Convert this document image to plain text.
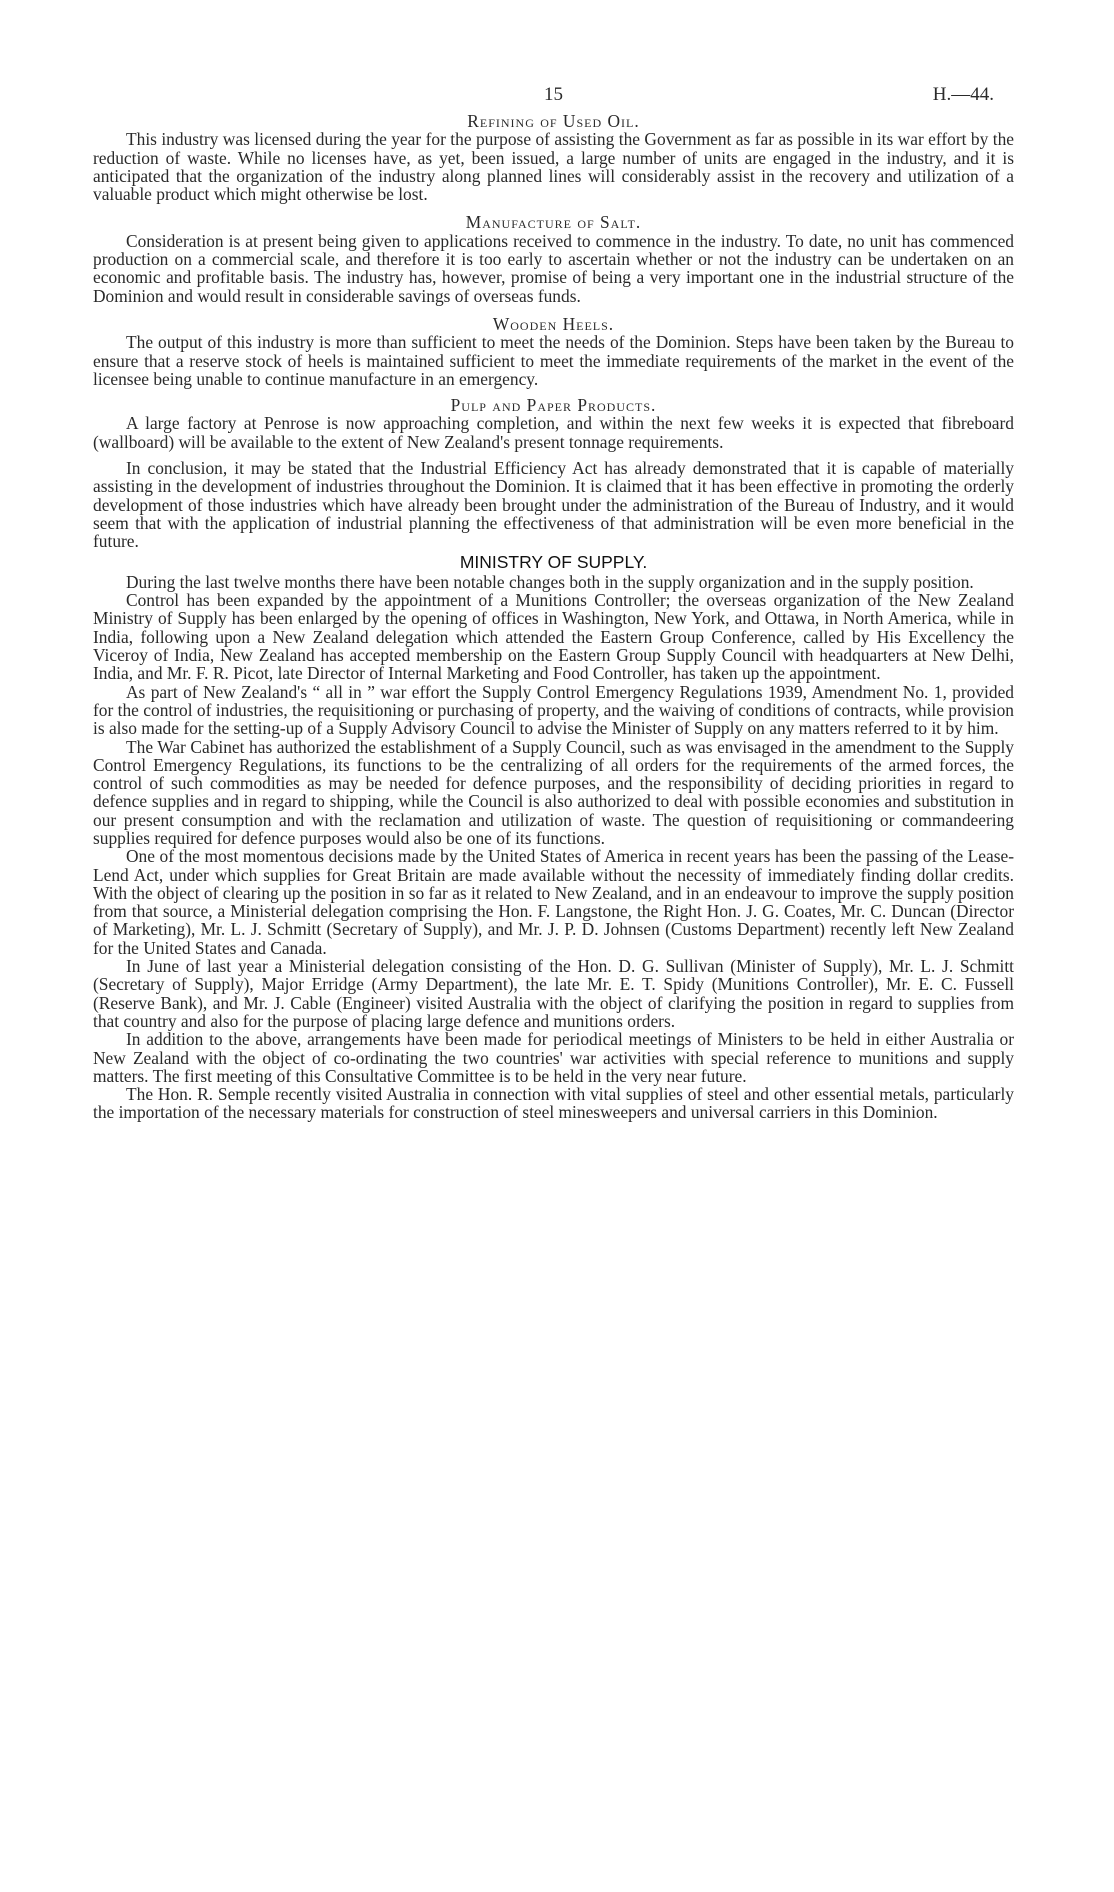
15	H.—44.
Refining of Used Oil.

This industry was licensed during the year for the purpose of assisting the Government as far as possible in its war effort by the reduction of waste. While no licenses have, as yet, been issued, a large number of units are engaged in the industry, and it is anticipated that the organization of the industry along planned lines will considerably assist in the recovery and utilization of a valuable product which might otherwise be lost.

Manufacture of Salt.

Consideration is at present being given to applications received to commence in the industry. To date, no unit has commenced production on a commercial scale, and therefore it is too early to ascertain whether or not the industry can be undertaken on an economic and profitable basis. The industry has, however, promise of being a very important one in the industrial structure of the Dominion and would result in considerable savings of overseas funds.

Wooden Heels.

The output of this industry is more than sufficient to meet the needs of the Dominion. Steps have been taken by the Bureau to ensure that a reserve stock of heels is maintained sufficient to meet the immediate requirements of the market in the event of the licensee being unable to continue manufacture in an emergency.

Pulp and Paper Products.

A large factory at Penrose is now approaching completion, and within the next few weeks it is expected that fibreboard (wallboard) will be available to the extent of New Zealand's present tonnage requirements.

In conclusion, it may be stated that the Industrial Efficiency Act has already demonstrated that it is capable of materially assisting in the development of industries throughout the Dominion. It is claimed that it has been effective in promoting the orderly development of those industries which have already been brought under the administration of the Bureau of Industry, and it would seem that with the application of industrial planning the effectiveness of that administration will be even more beneficial in the future.

MINISTRY OF SUPPLY.

During the last twelve months there have been notable changes both in the supply organization and in the supply position.

Control has been expanded by the appointment of a Munitions Controller; the overseas organization of the New Zealand Ministry of Supply has been enlarged by the opening of offices in Washington, New York, and Ottawa, in North America, while in India, following upon a New Zealand delegation which attended the Eastern Group Conference, called by His Excellency the Viceroy of India, New Zealand has accepted membership on the Eastern Group Supply Council with headquarters at New Delhi, India, and Mr. F. R. Picot, late Director of Internal Marketing and Food Controller, has taken up the appointment.

As part of New Zealand's “ all in ” war effort the Supply Control Emergency Regulations 1939, Amendment No. 1, provided for the control of industries, the requisitioning or purchasing of property, and the waiving of conditions of contracts, while provision is also made for the setting-up of a Supply Advisory Council to advise the Minister of Supply on any matters referred to it by him.

The War Cabinet has authorized the establishment of a Supply Council, such as was envisaged in the amendment to the Supply Control Emergency Regulations, its functions to be the centralizing of all orders for the requirements of the armed forces, the control of such commodities as may be needed for defence purposes, and the responsibility of deciding priorities in regard to defence supplies and in regard to shipping, while the Council is also authorized to deal with possible economies and substitution in our present consumption and with the reclamation and utilization of waste. The question of requisitioning or commandeering supplies required for defence purposes would also be one of its functions.

One of the most momentous decisions made by the United States of America in recent years has been the passing of the Lease-Lend Act, under which supplies for Great Britain are made available without the necessity of immediately finding dollar credits. With the object of clearing up the position in so far as it related to New Zealand, and in an endeavour to improve the supply position from that source, a Ministerial delegation comprising the Hon. F. Langstone, the Right Hon. J. G. Coates, Mr. C. Duncan (Director of Marketing), Mr. L. J. Schmitt (Secretary of Supply), and Mr. J. P. D. Johnsen (Customs Department) recently left New Zealand for the United States and Canada.

In June of last year a Ministerial delegation consisting of the Hon. D. G. Sullivan (Minister of Supply), Mr. L. J. Schmitt (Secretary of Supply), Major Erridge (Army Department), the late Mr. E. T. Spidy (Munitions Controller), Mr. E. C. Fussell (Reserve Bank), and Mr. J. Cable (Engineer) visited Australia with the object of clarifying the position in regard to supplies from that country and also for the purpose of placing large defence and munitions orders.

In addition to the above, arrangements have been made for periodical meetings of Ministers to be held in either Australia or New Zealand with the object of co-ordinating the two countries' war activities with special reference to munitions and supply matters. The first meeting of this Consultative Committee is to be held in the very near future.

The Hon. R. Semple recently visited Australia in connection with vital supplies of steel and other essential metals, particularly the importation of the necessary materials for construction of steel minesweepers and universal carriers in this Dominion.
